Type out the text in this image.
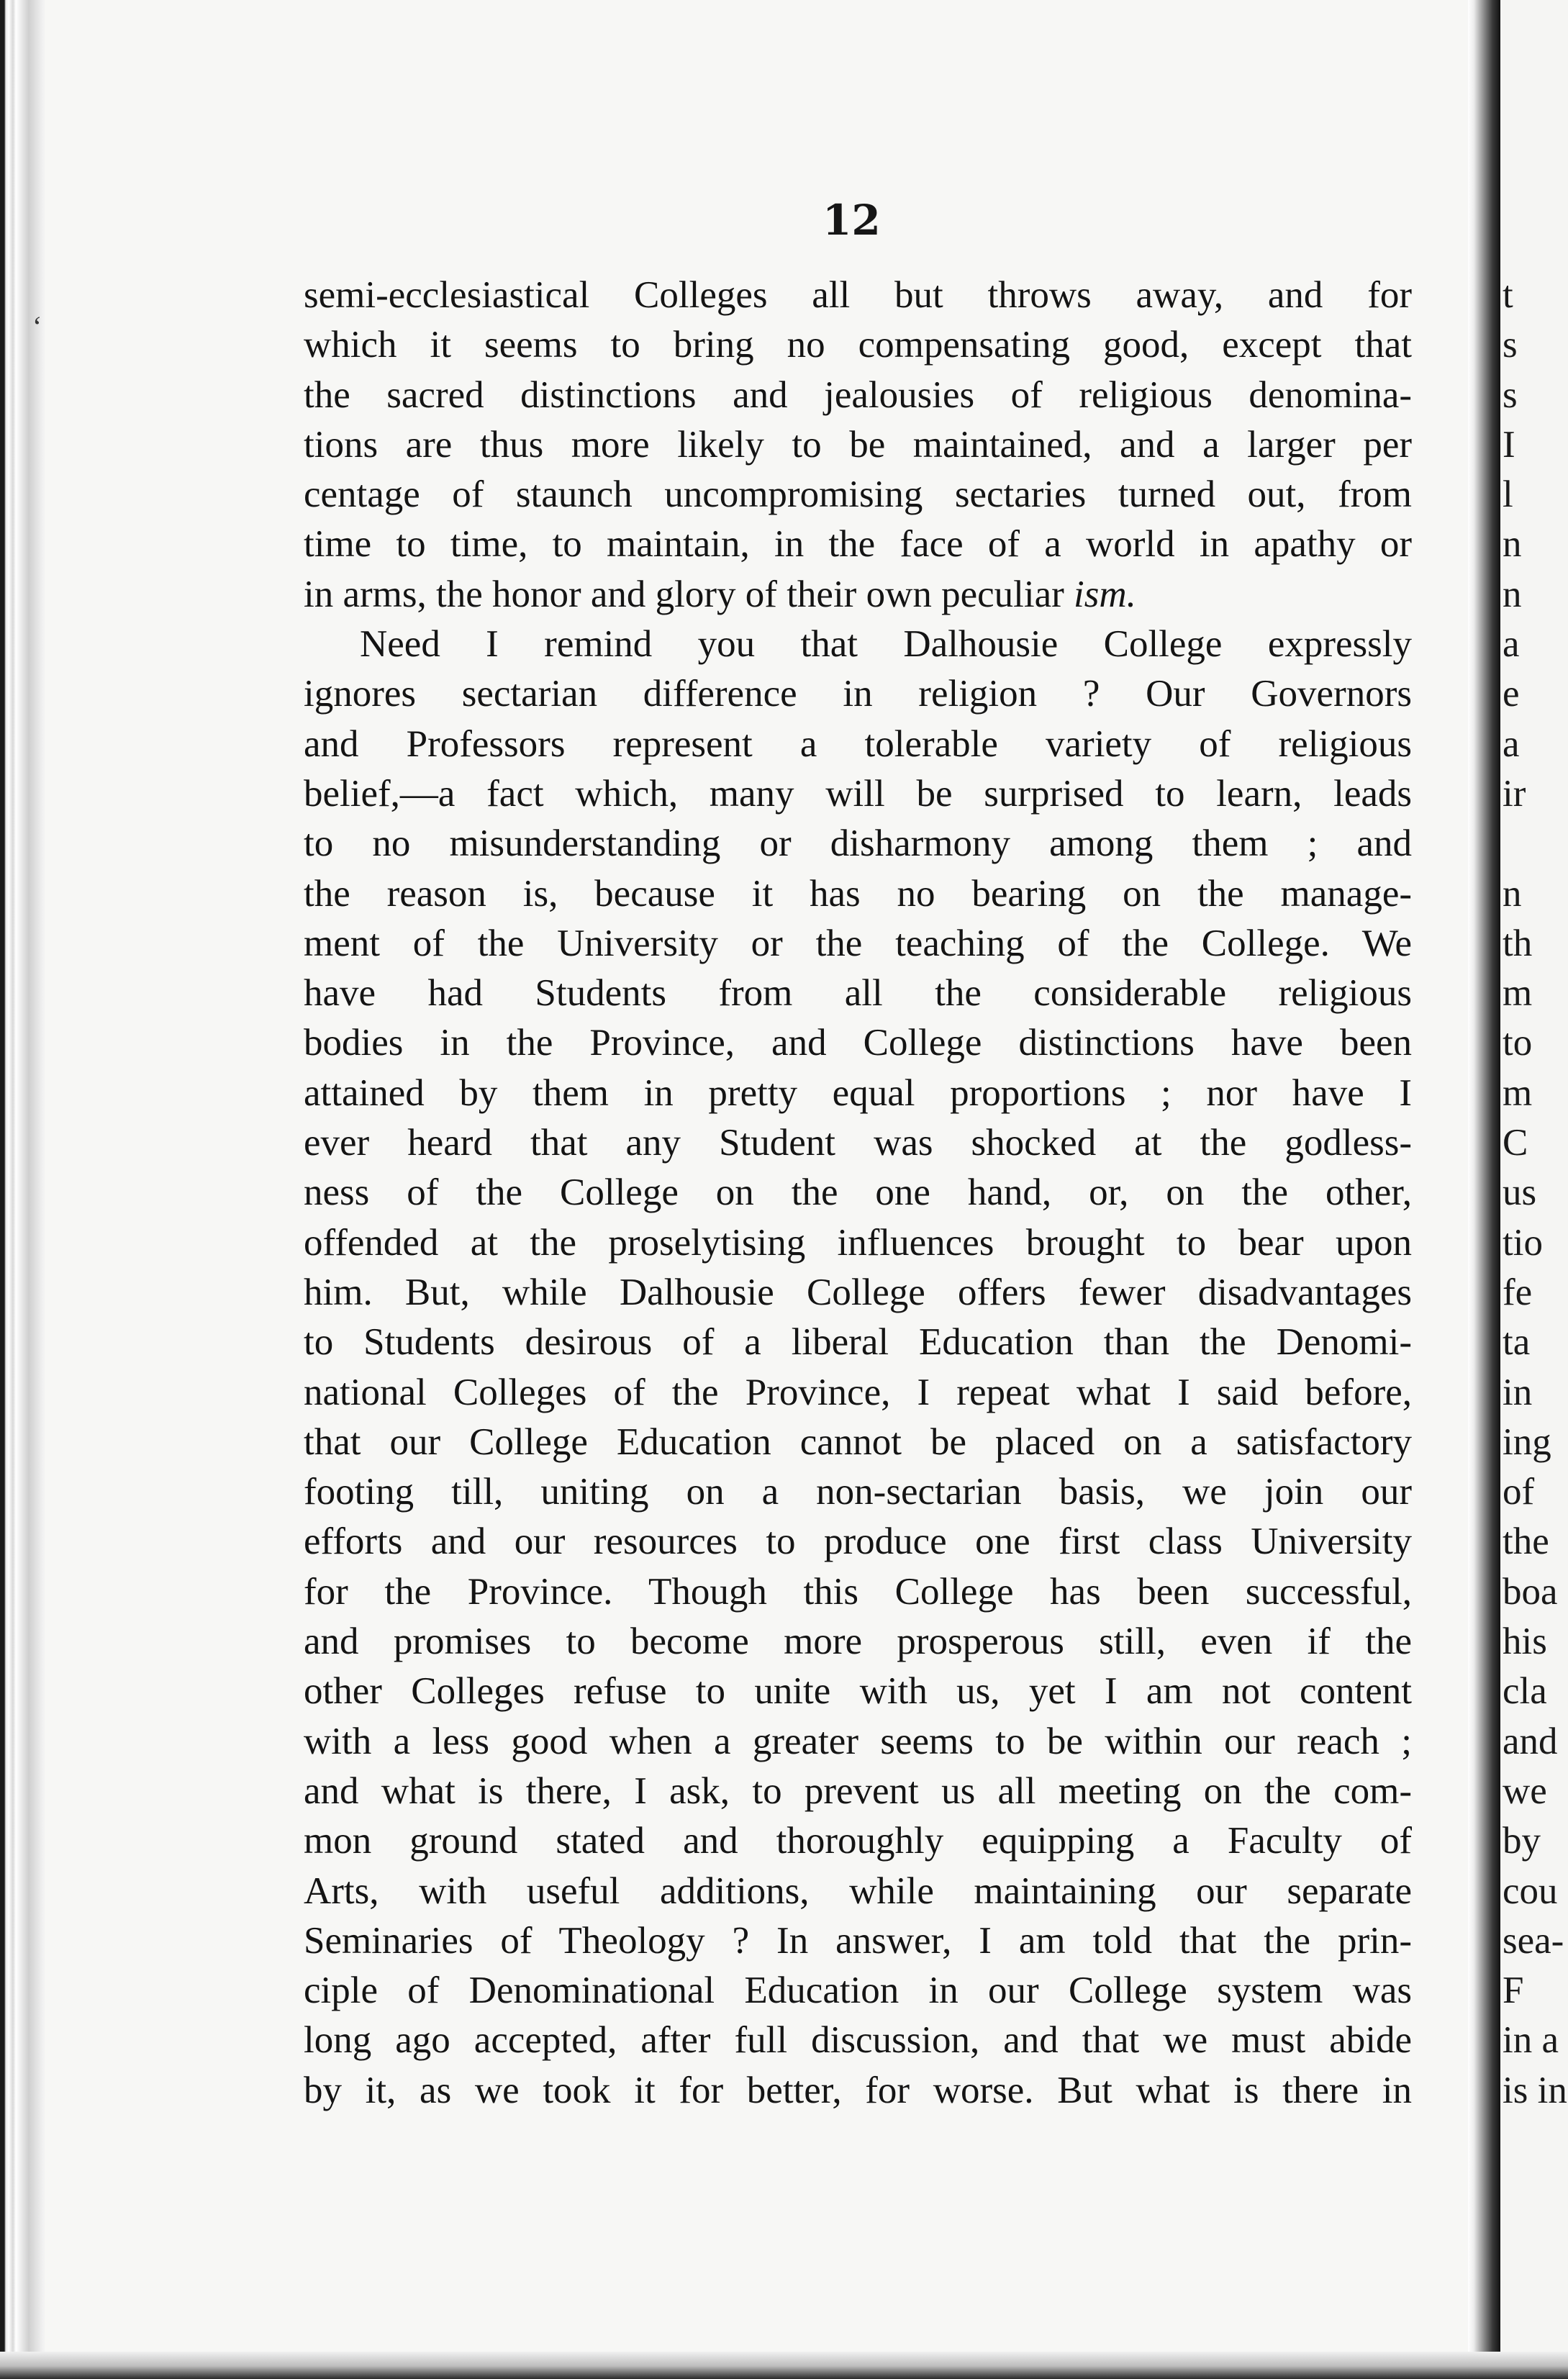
‘
12
semi-ecclesiastical Colleges all but throws away, and for
which it seems to bring no compensating good, except that
the sacred distinctions and jealousies of religious denomina-
tions are thus more likely to be maintained, and a larger per
centage of staunch uncompromising sectaries turned out, from
time to time, to maintain, in the face of a world in apathy or
in arms, the honor and glory of their own peculiar ism.
Need I remind you that Dalhousie College expressly
ignores sectarian difference in religion ? Our Governors
and Professors represent a tolerable variety of religious
belief,—a fact which, many will be surprised to learn, leads
to no misunderstanding or disharmony among them ; and
the reason is, because it has no bearing on the manage-
ment of the University or the teaching of the College. We
have had Students from all the considerable religious
bodies in the Province, and College distinctions have been
attained by them in pretty equal proportions ; nor have I
ever heard that any Student was shocked at the godless-
ness of the College on the one hand, or, on the other,
offended at the proselytising influences brought to bear upon
him. But, while Dalhousie College offers fewer disadvantages
to Students desirous of a liberal Education than the Denomi-
national Colleges of the Province, I repeat what I said before,
that our College Education cannot be placed on a satisfactory
footing till, uniting on a non-sectarian basis, we join our
efforts and our resources to produce one first class University
for the Province. Though this College has been successful,
and promises to become more prosperous still, even if the
other Colleges refuse to unite with us, yet I am not content
with a less good when a greater seems to be within our reach ;
and what is there, I ask, to prevent us all meeting on the com-
mon ground stated and thoroughly equipping a Faculty of
Arts, with useful additions, while maintaining our separate
Seminaries of Theology ? In answer, I am told that the prin-
ciple of Denominational Education in our College system was
long ago accepted, after full discussion, and that we must abide
by it, as we took it for better, for worse. But what is there in
t
s
s
I
l
n
n
a
e
a
ir
n
th
m
to
m
C
us
tio
fe
ta
in
ing
of
the
boa
his
cla
and
we
by
cou
sea-
F
in a
is in
